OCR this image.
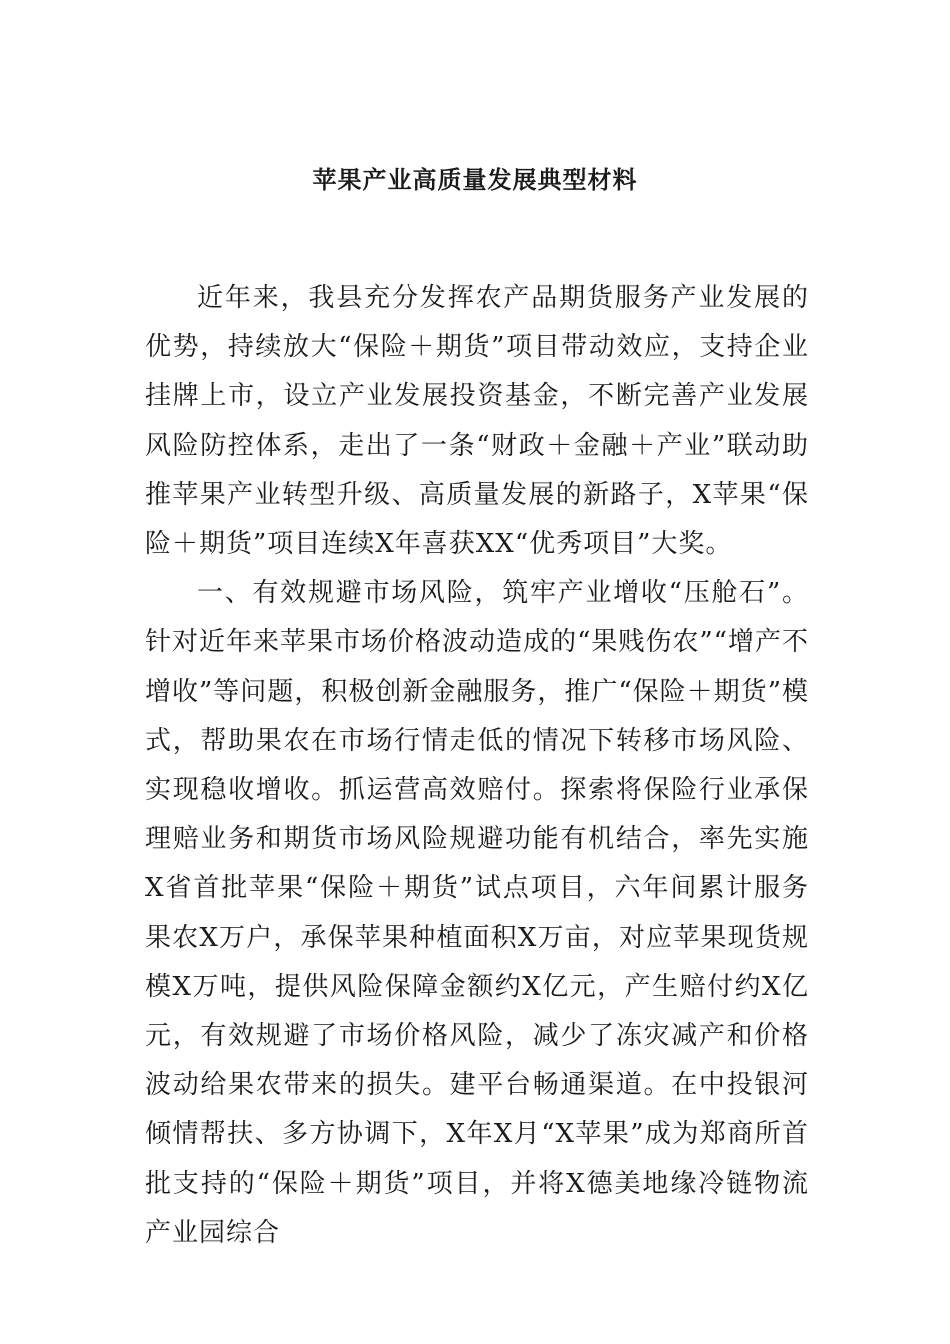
苹果产业高质量发展典型材料

近年来，我县充分发挥农产品期货服务产业发展的优势，持续放大“保险＋期货”项目带动效应，支持企业挂牌上市，设立产业发展投资基金，不断完善产业发展风险防控体系，走出了一条“财政＋金融＋产业”联动助推苹果产业转型升级、高质量发展的新路子，X苹果“保险＋期货”项目连续X年喜获XX“优秀项目”大奖。

一、有效规避市场风险，筑牢产业增收“压舱石”。针对近年来苹果市场价格波动造成的“果贱伤农”“增产不增收”等问题，积极创新金融服务，推广“保险＋期货”模式，帮助果农在市场行情走低的情况下转移市场风险、实现稳收增收。抓运营高效赔付。探索将保险行业承保理赔业务和期货市场风险规避功能有机结合，率先实施X省首批苹果“保险＋期货”试点项目，六年间累计服务果农X万户，承保苹果种植面积X万亩，对应苹果现货规模X万吨，提供风险保障金额约X亿元，产生赔付约X亿元，有效规避了市场价格风险，减少了冻灾减产和价格波动给果农带来的损失。建平台畅通渠道。在中投银河倾情帮扶、多方协调下，X年X月“X苹果”成为郑商所首批支持的“保险＋期货”项目，并将X德美地缘冷链物流产业园综合
